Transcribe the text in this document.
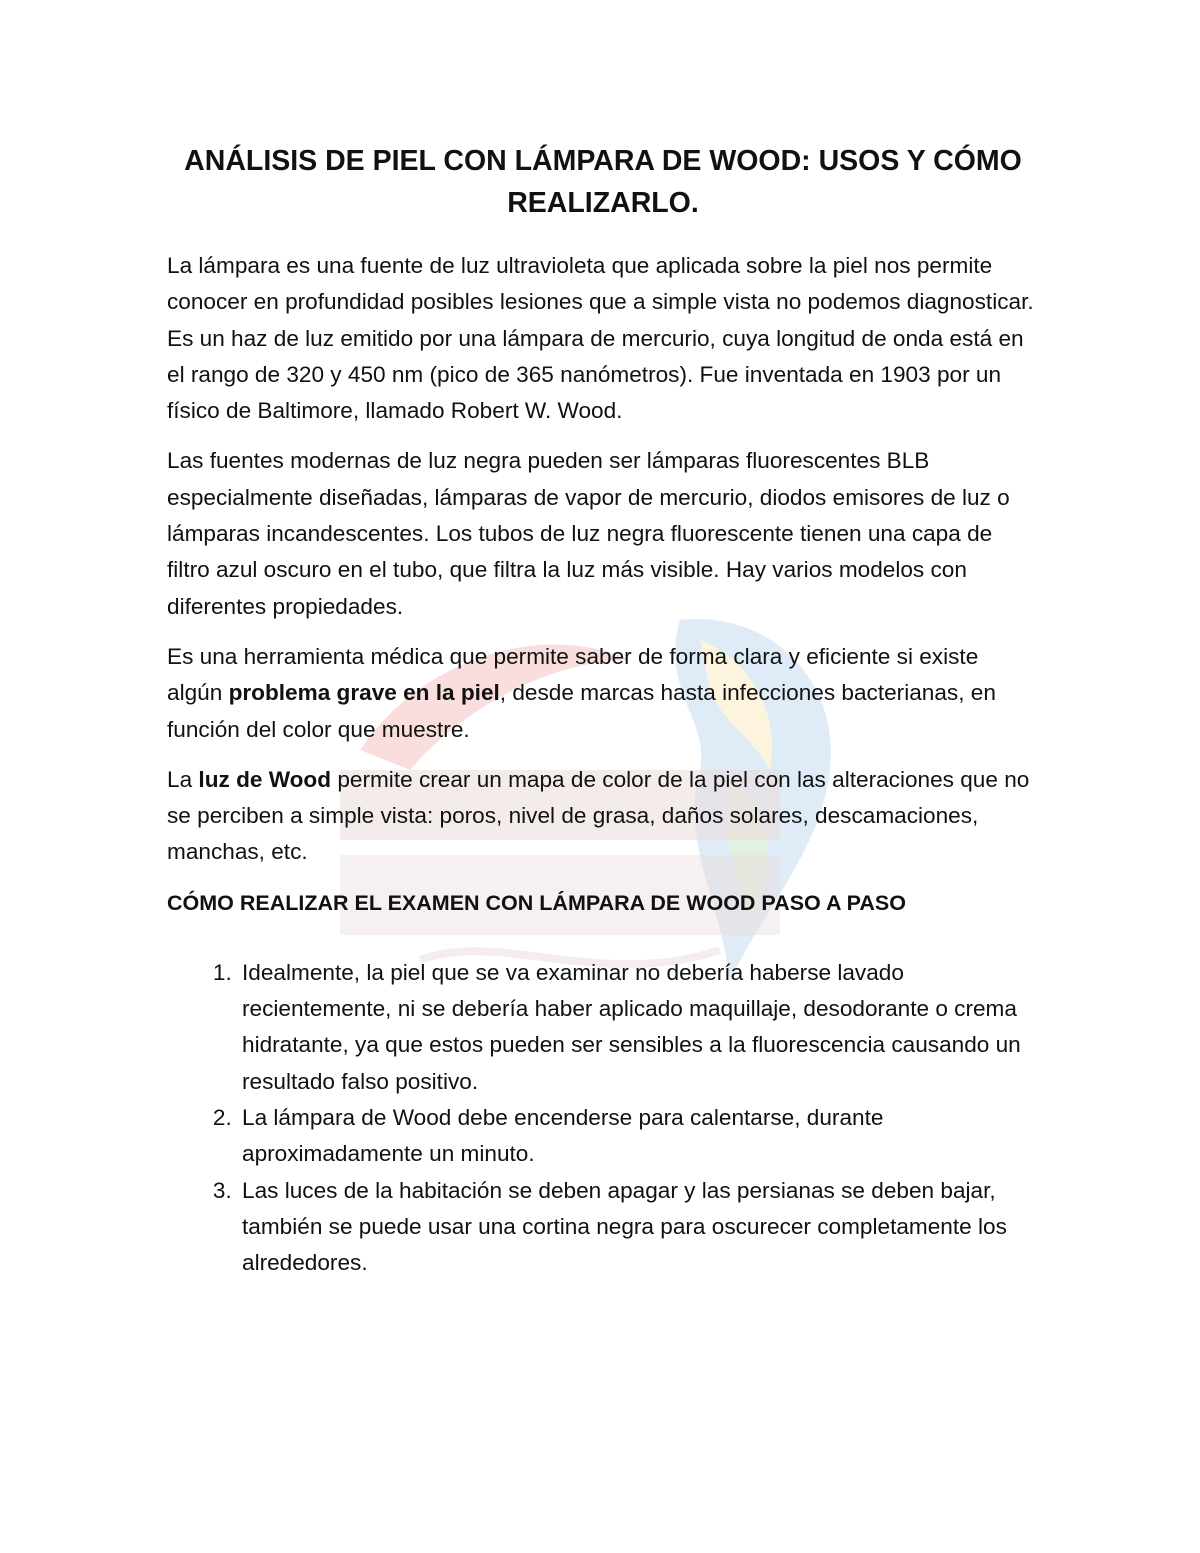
ANÁLISIS DE PIEL CON LÁMPARA DE WOOD: USOS Y CÓMO REALIZARLO.

La lámpara es una fuente de luz ultravioleta que aplicada sobre la piel nos permite conocer en profundidad posibles lesiones que a simple vista no podemos diagnosticar. Es un haz de luz emitido por una lámpara de mercurio, cuya longitud de onda está en el rango de 320 y 450 nm (pico de 365 nanómetros). Fue inventada en 1903 por un físico de Baltimore, llamado Robert W. Wood.

Las fuentes modernas de luz negra pueden ser lámparas fluorescentes BLB especialmente diseñadas, lámparas de vapor de mercurio, diodos emisores de luz o lámparas incandescentes. Los tubos de luz negra fluorescente tienen una capa de filtro azul oscuro en el tubo, que filtra la luz más visible. Hay varios modelos con diferentes propiedades.

Es una herramienta médica que permite saber de forma clara y eficiente si existe algún problema grave en la piel, desde marcas hasta infecciones bacterianas, en función del color que muestre.

La luz de Wood permite crear un mapa de color de la piel con las alteraciones que no se perciben a simple vista: poros, nivel de grasa, daños solares, descamaciones, manchas, etc.

CÓMO REALIZAR EL EXAMEN CON LÁMPARA DE WOOD PASO A PASO
1. Idealmente, la piel que se va examinar no debería haberse lavado recientemente, ni se debería haber aplicado maquillaje, desodorante o crema hidratante, ya que estos pueden ser sensibles a la fluorescencia causando un resultado falso positivo.
2. La lámpara de Wood debe encenderse para calentarse, durante aproximadamente un minuto.
3. Las luces de la habitación se deben apagar y las persianas se deben bajar, también se puede usar una cortina negra para oscurecer completamente los alrededores.
